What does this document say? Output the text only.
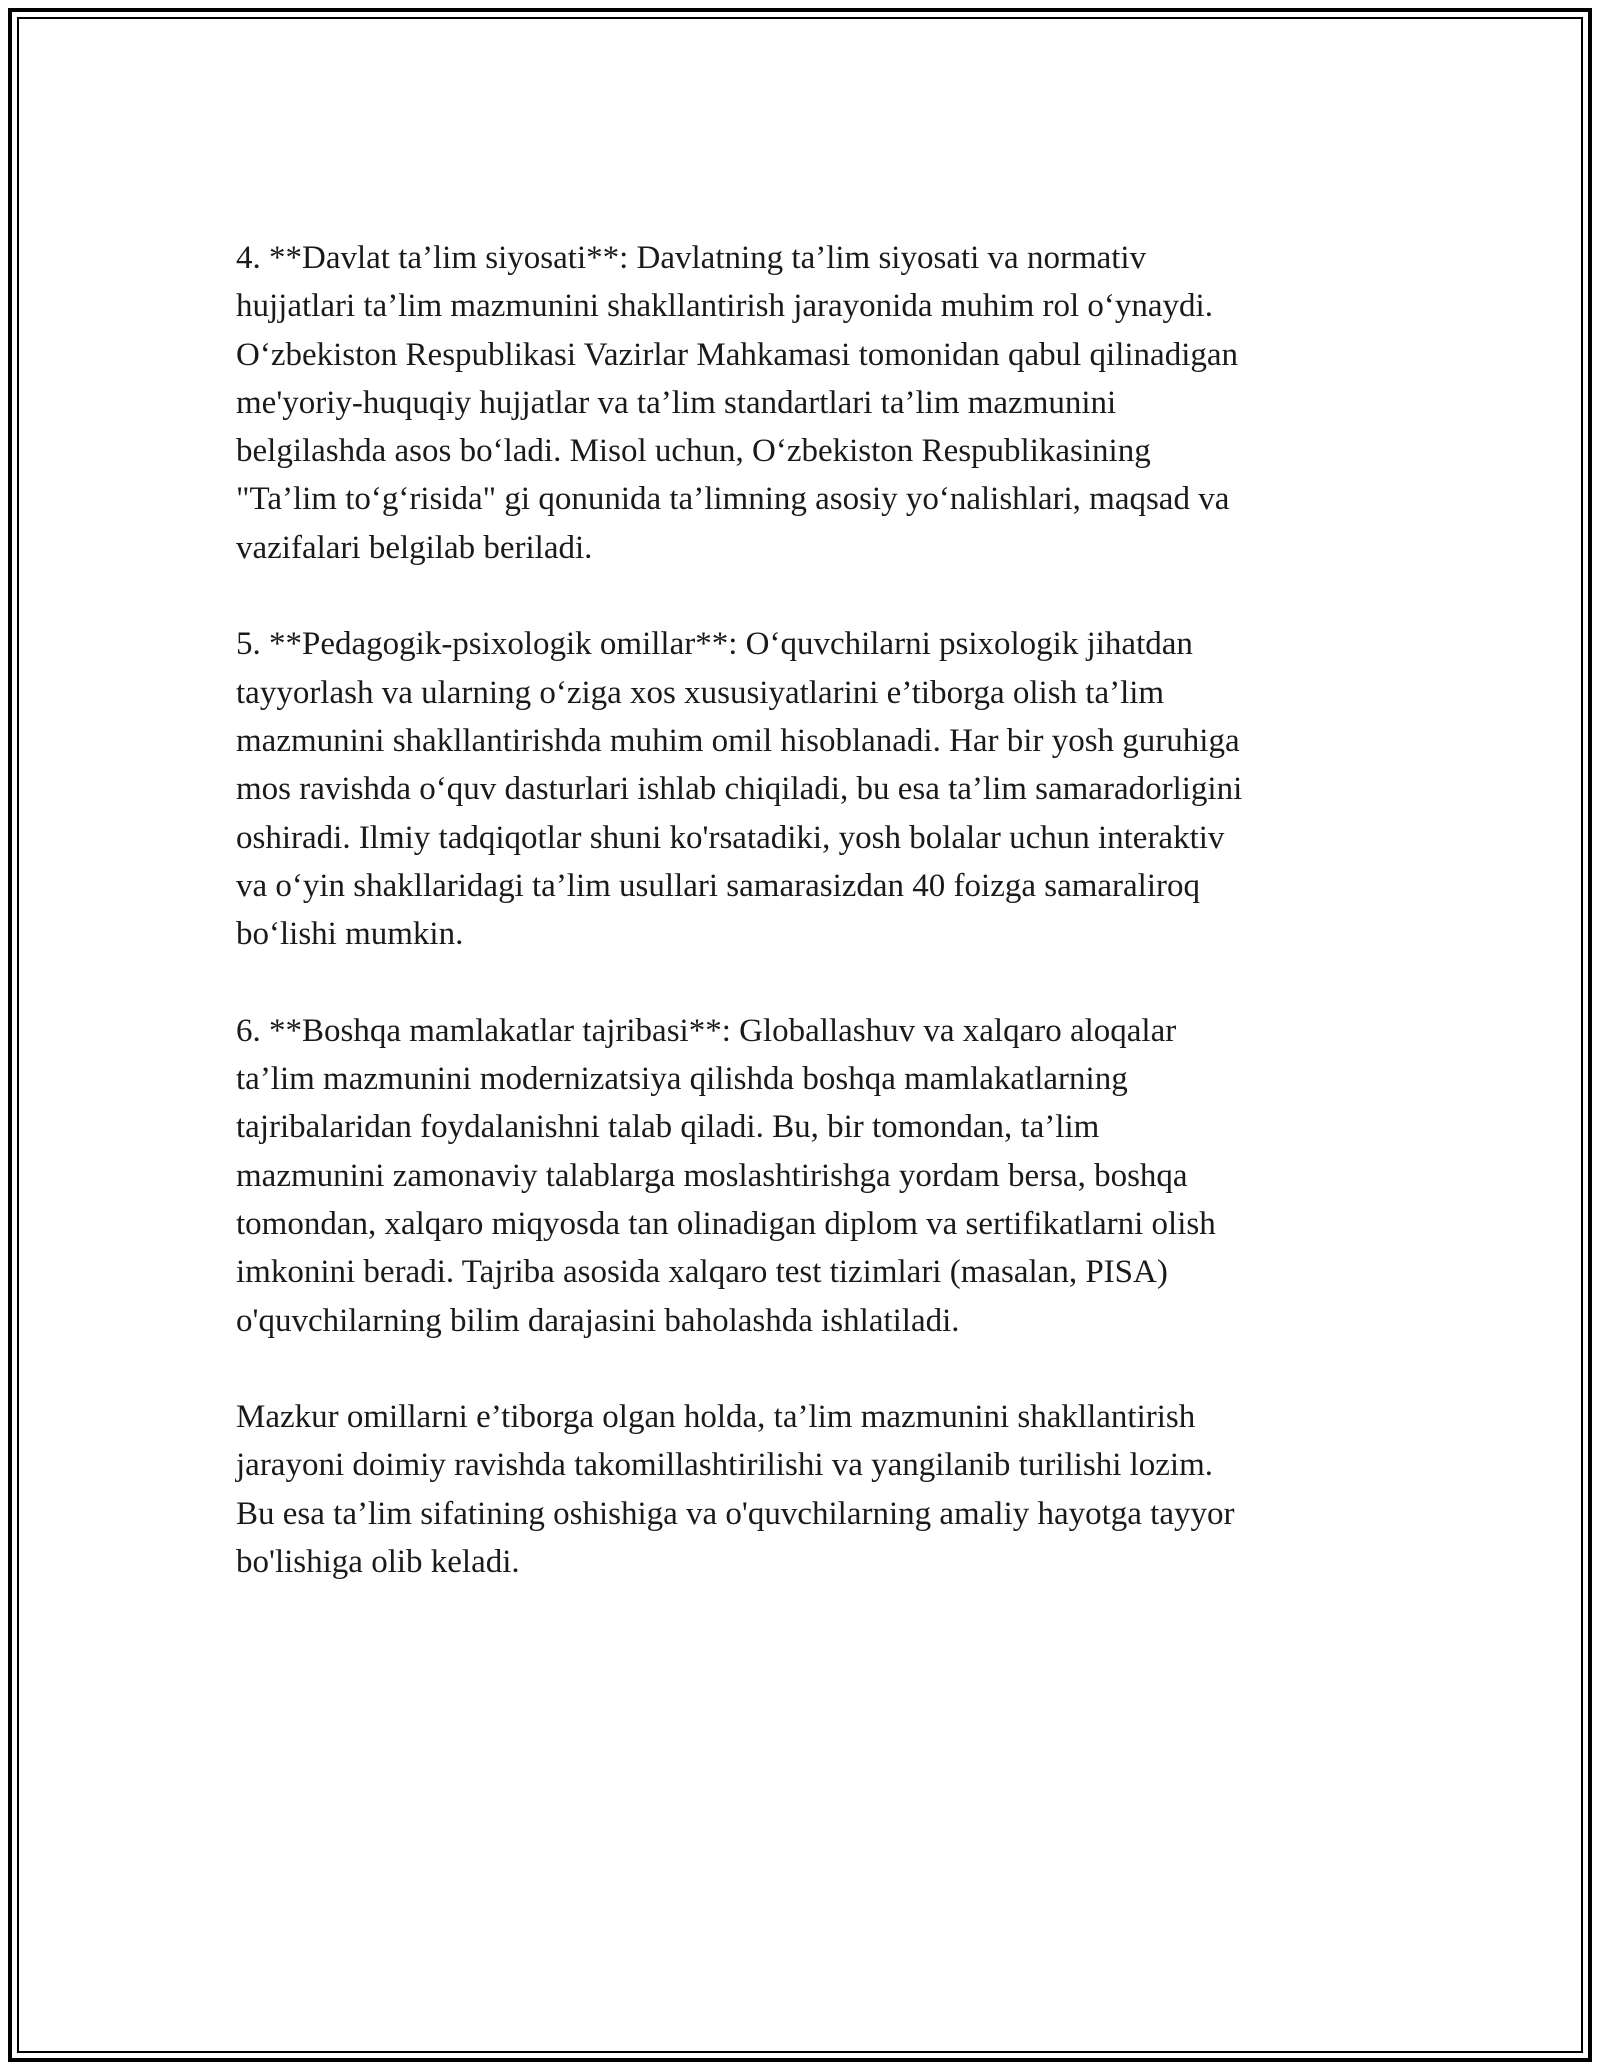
4. **Davlat ta’lim siyosati**: Davlatning ta’lim siyosati va normativ
hujjatlari ta’lim mazmunini shakllantirish jarayonida muhim rol o‘ynaydi.
O‘zbekiston Respublikasi Vazirlar Mahkamasi tomonidan qabul qilinadigan
me'yoriy-huquqiy hujjatlar va ta’lim standartlari ta’lim mazmunini
belgilashda asos bo‘ladi. Misol uchun, O‘zbekiston Respublikasining
"Ta’lim to‘g‘risida" gi qonunida ta’limning asosiy yo‘nalishlari, maqsad va
vazifalari belgilab beriladi.

5. **Pedagogik-psixologik omillar**: O‘quvchilarni psixologik jihatdan
tayyorlash va ularning o‘ziga xos xususiyatlarini e’tiborga olish ta’lim
mazmunini shakllantirishda muhim omil hisoblanadi. Har bir yosh guruhiga
mos ravishda o‘quv dasturlari ishlab chiqiladi, bu esa ta’lim samaradorligini
oshiradi. Ilmiy tadqiqotlar shuni ko'rsatadiki, yosh bolalar uchun interaktiv
va o‘yin shakllaridagi ta’lim usullari samarasizdan 40 foizga samaraliroq
bo‘lishi mumkin.

6. **Boshqa mamlakatlar tajribasi**: Globallashuv va xalqaro aloqalar
ta’lim mazmunini modernizatsiya qilishda boshqa mamlakatlarning
tajribalaridan foydalanishni talab qiladi. Bu, bir tomondan, ta’lim
mazmunini zamonaviy talablarga moslashtirishga yordam bersa, boshqa
tomondan, xalqaro miqyosda tan olinadigan diplom va sertifikatlarni olish
imkonini beradi. Tajriba asosida xalqaro test tizimlari (masalan, PISA)
o'quvchilarning bilim darajasini baholashda ishlatiladi.

Mazkur omillarni e’tiborga olgan holda, ta’lim mazmunini shakllantirish
jarayoni doimiy ravishda takomillashtirilishi va yangilanib turilishi lozim.
Bu esa ta’lim sifatining oshishiga va o'quvchilarning amaliy hayotga tayyor
bo'lishiga olib keladi.
